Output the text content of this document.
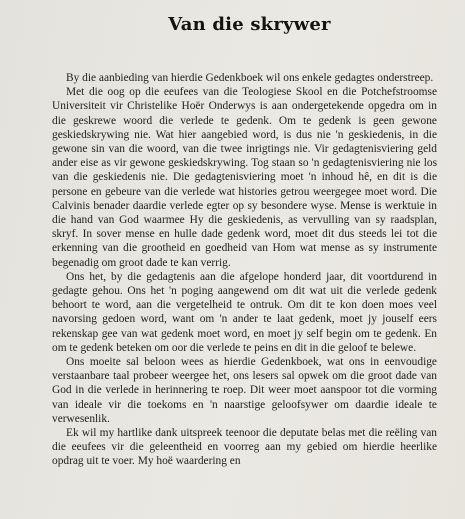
Van die skrywer

By die aanbieding van hierdie Gedenkboek wil ons enkele gedagtes onderstreep.

Met die oog op die eeufees van die Teologiese Skool en die Potchefstroomse Universiteit vir Christelike Hoër Onderwys is aan ondergetekende opgedra om in die geskrewe woord die verlede te gedenk. Om te gedenk is geen gewone geskiedskrywing nie. Wat hier aangebied word, is dus nie 'n geskiedenis, in die gewone sin van die woord, van die twee inrigtings nie. Vir gedagtenisviering geld ander eise as vir gewone geskiedskrywing. Tog staan so 'n gedagtenisviering nie los van die geskiedenis nie. Die gedagtenisviering moet 'n inhoud hê, en dit is die persone en gebeure van die verlede wat histories getrou weergegee moet word. Die Calvinis benader daardie verlede egter op sy besondere wyse. Mense is werktuie in die hand van God waarmee Hy die geskiedenis, as vervulling van sy raadsplan, skryf. In sover mense en hulle dade gedenk word, moet dit dus steeds lei tot die erkenning van die grootheid en goedheid van Hom wat mense as sy instrumente begenadig om groot dade te kan verrig.

Ons het, by die gedagtenis aan die afgelope honderd jaar, dit voortdurend in gedagte gehou. Ons het 'n poging aangewend om dit wat uit die verlede gedenk behoort te word, aan die vergetelheid te ontruk. Om dit te kon doen moes veel navorsing gedoen word, want om 'n ander te laat gedenk, moet jy jouself eers rekenskap gee van wat gedenk moet word, en moet jy self begin om te gedenk. En om te gedenk beteken om oor die verlede te peins en dit in die geloof te belewe.

Ons moeite sal beloon wees as hierdie Gedenkboek, wat ons in eenvoudige verstaanbare taal probeer weergee het, ons lesers sal opwek om die groot dade van God in die verlede in herinnering te roep. Dit weer moet aanspoor tot die vorming van ideale vir die toekoms en 'n naarstige geloofsywer om daardie ideale te verwesenlik.

Ek wil my hartlike dank uitspreek teenoor die deputate belas met die reëling van die eeufees vir die geleentheid en voorreg aan my gebied om hierdie heerlike opdrag uit te voer. My hoë waardering en
